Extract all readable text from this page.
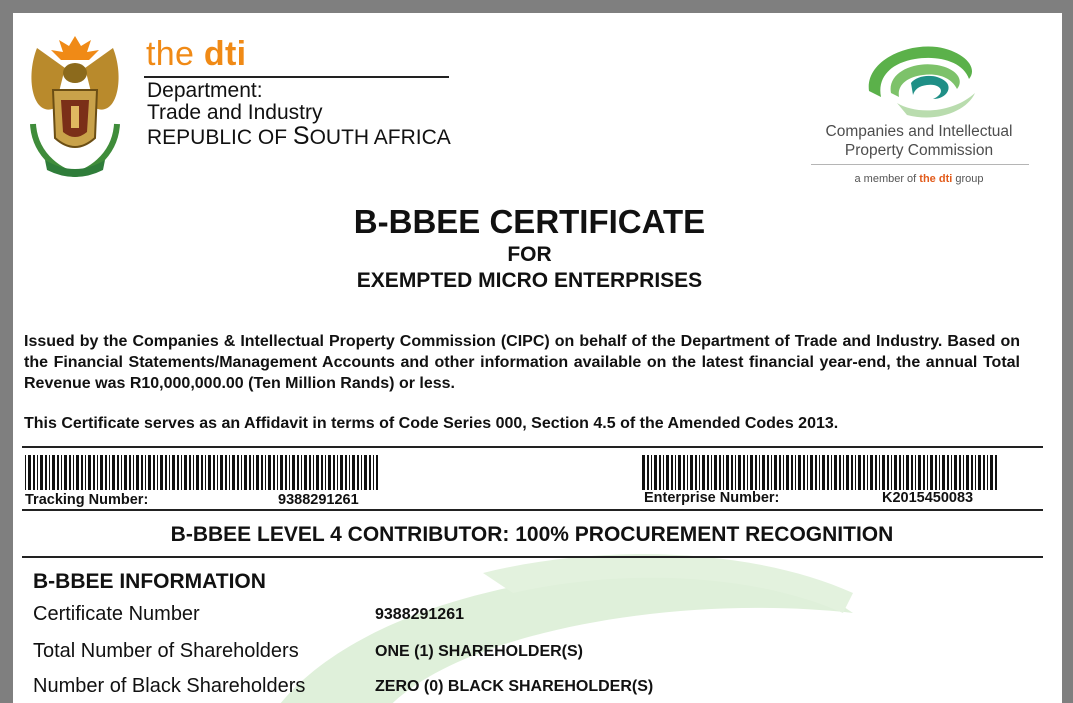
the dti
Department:
Trade and Industry
REPUBLIC OF SOUTH AFRICA	Companies and Intellectual
Property Commission
a member of the dti group
B-BBEE CERTIFICATE
FOR
EXEMPTED MICRO ENTERPRISES
Issued by the Companies & Intellectual Property Commission (CIPC) on behalf of the Department of Trade and Industry. Based on the Financial Statements/Management Accounts and other information available on the latest financial year-end, the annual Total Revenue was R10,000,000.00 (Ten Million Rands) or less.
This Certificate serves as an Affidavit in terms of Code Series 000, Section 4.5 of the Amended Codes 2013.
Tracking Number:	9388291261	Enterprise Number:	K2015450083
B-BBEE LEVEL 4 CONTRIBUTOR: 100% PROCUREMENT RECOGNITION
B-BBEE INFORMATION
Certificate Number	9388291261
Total Number of Shareholders	ONE (1) SHAREHOLDER(S)
Number of Black Shareholders	ZERO (0) BLACK SHAREHOLDER(S)
